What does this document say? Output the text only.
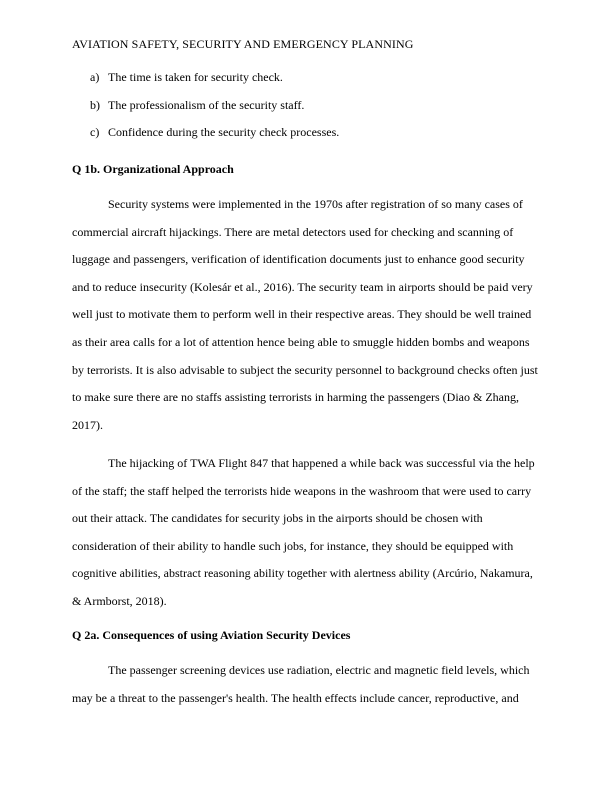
AVIATION SAFETY, SECURITY AND EMERGENCY PLANNING
a) The time is taken for security check.
b) The professionalism of the security staff.
c) Confidence during the security check processes.
Q 1b. Organizational Approach

Security systems were implemented in the 1970s after registration of so many cases of commercial aircraft hijackings. There are metal detectors used for checking and scanning of luggage and passengers, verification of identification documents just to enhance good security and to reduce insecurity (Kolesár et al., 2016). The security team in airports should be paid very well just to motivate them to perform well in their respective areas. They should be well trained as their area calls for a lot of attention hence being able to smuggle hidden bombs and weapons by terrorists. It is also advisable to subject the security personnel to background checks often just to make sure there are no staffs assisting terrorists in harming the passengers (Diao & Zhang, 2017).

The hijacking of TWA Flight 847 that happened a while back was successful via the help of the staff; the staff helped the terrorists hide weapons in the washroom that were used to carry out their attack. The candidates for security jobs in the airports should be chosen with consideration of their ability to handle such jobs, for instance, they should be equipped with cognitive abilities, abstract reasoning ability together with alertness ability (Arcúrio, Nakamura, & Armborst, 2018).

Q 2a. Consequences of using Aviation Security Devices

The passenger screening devices use radiation, electric and magnetic field levels, which may be a threat to the passenger's health. The health effects include cancer, reproductive, and
